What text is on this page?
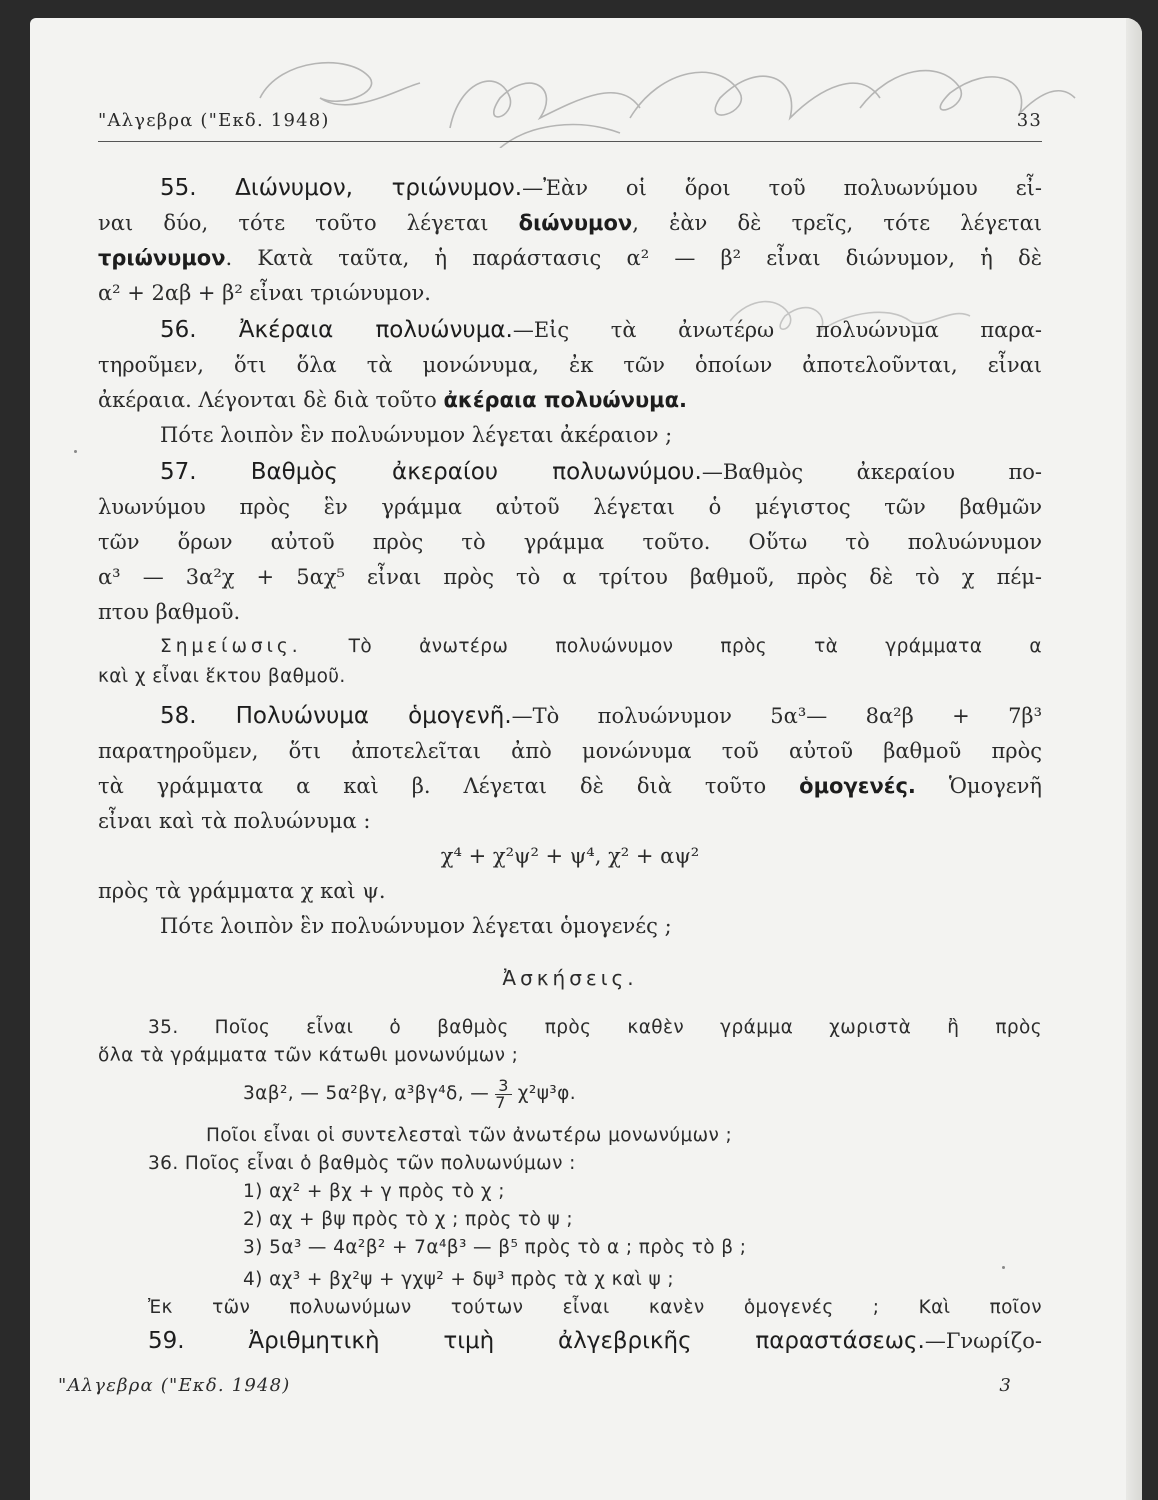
"Αλγεβρα ("Εκδ. 1948)	33
55. Διώνυμον, τριώνυμον.—Ἐὰν οἱ ὅροι τοῦ πολυωνύμου εἶ-
ναι δύο, τότε τοῦτο λέγεται διώνυμον, ἐὰν δὲ τρεῖς, τότε λέγεται
τριώνυμον. Κατὰ ταῦτα, ἡ παράστασις α² — β² εἶναι διώνυμον, ἡ δὲ
α² + 2αβ + β² εἶναι τριώνυμον.
56. Ἀκέραια πολυώνυμα.—Εἰς τὰ ἀνωτέρω πολυώνυμα παρα-
τηροῦμεν, ὅτι ὅλα τὰ μονώνυμα, ἐκ τῶν ὁποίων ἀποτελοῦνται, εἶναι
ἀκέραια. Λέγονται δὲ διὰ τοῦτο ἀκέραια πολυώνυμα.
Πότε λοιπὸν ἓν πολυώνυμον λέγεται ἀκέραιον ;
57. Βαθμὸς ἀκεραίου πολυωνύμου.—Βαθμὸς ἀκεραίου πο-
λυωνύμου πρὸς ἓν γράμμα αὐτοῦ λέγεται ὁ μέγιστος τῶν βαθμῶν
τῶν ὅρων αὐτοῦ πρὸς τὸ γράμμα τοῦτο. Οὕτω τὸ πολυώνυμον
α³ — 3α²χ + 5αχ⁵ εἶναι πρὸς τὸ α τρίτου βαθμοῦ, πρὸς δὲ τὸ χ πέμ-
πτου βαθμοῦ.
Σημείωσις. Τὸ ἀνωτέρω πολυώνυμον πρὸς τὰ γράμματα α
καὶ χ εἶναι ἕκτου βαθμοῦ.
58. Πολυώνυμα ὁμογενῆ.—Τὸ πολυώνυμον 5α³— 8α²β + 7β³
παρατηροῦμεν, ὅτι ἀποτελεῖται ἀπὸ μονώνυμα τοῦ αὐτοῦ βαθμοῦ πρὸς
τὰ γράμματα α καὶ β. Λέγεται δὲ διὰ τοῦτο ὁμογενές. Ὁμογενῆ
εἶναι καὶ τὰ πολυώνυμα :
χ⁴ + χ²ψ² + ψ⁴, χ² + αψ²
πρὸς τὰ γράμματα χ καὶ ψ.
Πότε λοιπὸν ἓν πολυώνυμον λέγεται ὁμογενές ;
Ἀσκήσεις.
35. Ποῖος εἶναι ὁ βαθμὸς πρὸς καθὲν γράμμα χωριστὰ ἢ πρὸς
ὅλα τὰ γράμματα τῶν κάτωθι μονωνύμων ;
3αβ², — 5α²βγ, α³βγ⁴δ, — $\frac{3}{7} \chi^2\psi^3\varphi$.
Ποῖοι εἶναι οἱ συντελεσταὶ τῶν ἀνωτέρω μονωνύμων ;
36. Ποῖος εἶναι ὁ βαθμὸς τῶν πολυωνύμων :
1) αχ² + βχ + γ πρὸς τὸ χ ;
2) αχ + βψ πρὸς τὸ χ ; πρὸς τὸ ψ ;
3) 5α³ — 4α²β² + 7α⁴β³ — β⁵ πρὸς τὸ α ; πρὸς τὸ β ;
4) αχ³ + βχ²ψ + γχψ² + δψ³ πρὸς τὰ χ καὶ ψ ;
Ἐκ τῶν πολυωνύμων τούτων εἶναι κανὲν ὁμογενές ; Καὶ ποῖον
59. Ἀριθμητικὴ τιμὴ ἀλγεβρικῆς παραστάσεως.—Γνωρίζο-
"Αλγεβρα ("Εκδ. 1948)	3
